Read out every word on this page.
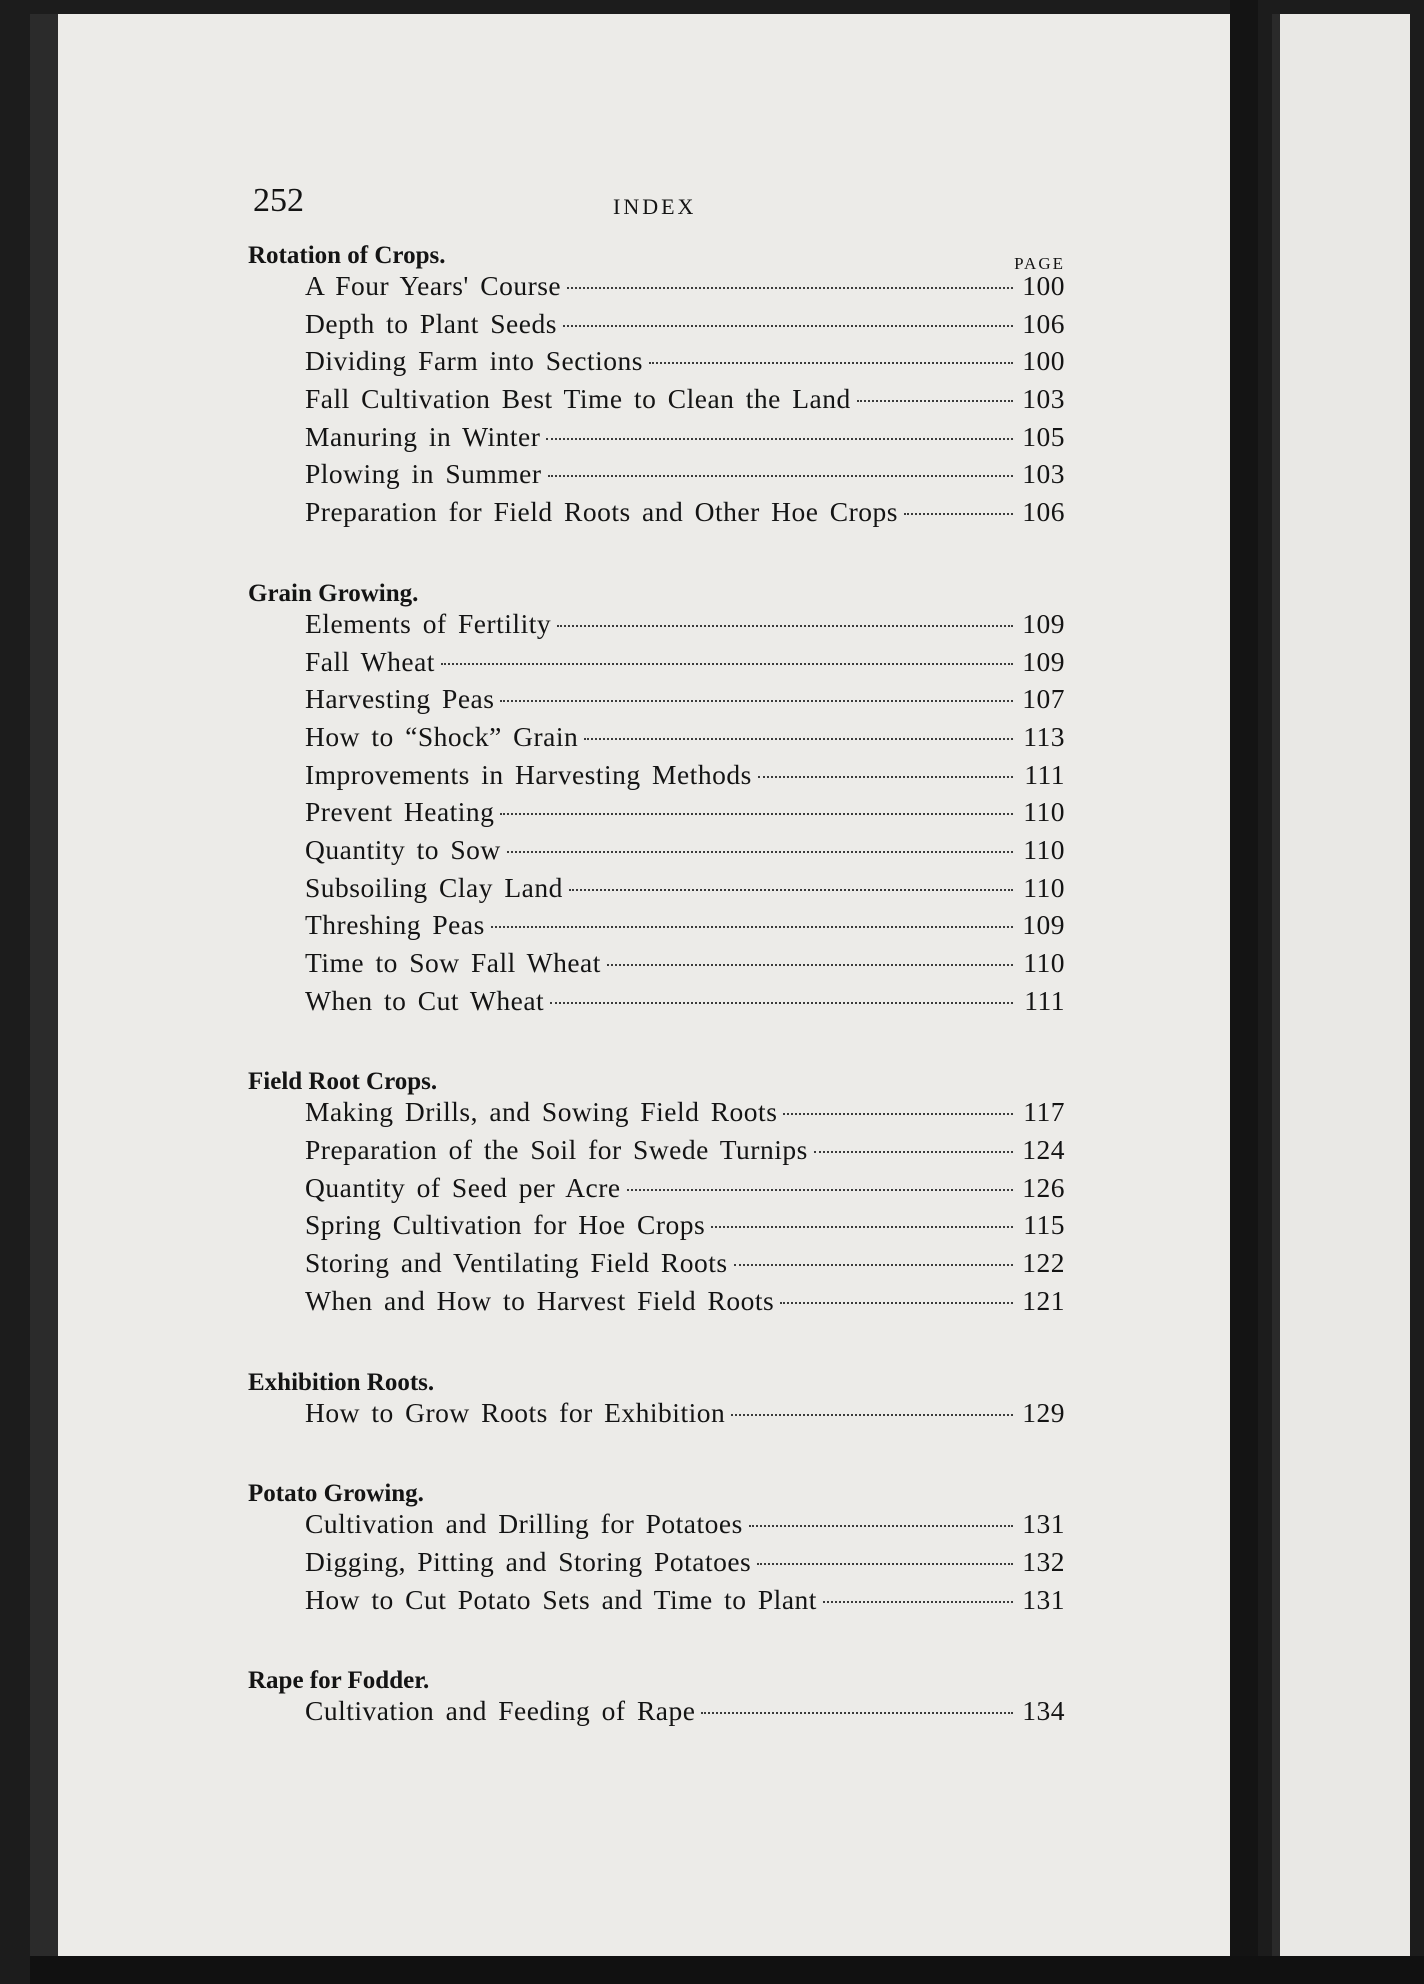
252	INDEX
Rotation of Crops.	PAGE
A Four Years' Course	100
Depth to Plant Seeds	106
Dividing Farm into Sections	100
Fall Cultivation Best Time to Clean the Land	103
Manuring in Winter	105
Plowing in Summer	103
Preparation for Field Roots and Other Hoe Crops	106
Grain Growing.
Elements of Fertility	109
Fall Wheat	109
Harvesting Peas	107
How to “Shock” Grain	113
Improvements in Harvesting Methods	111
Prevent Heating	110
Quantity to Sow	110
Subsoiling Clay Land	110
Threshing Peas	109
Time to Sow Fall Wheat	110
When to Cut Wheat	111
Field Root Crops.
Making Drills, and Sowing Field Roots	117
Preparation of the Soil for Swede Turnips	124
Quantity of Seed per Acre	126
Spring Cultivation for Hoe Crops	115
Storing and Ventilating Field Roots	122
When and How to Harvest Field Roots	121
Exhibition Roots.
How to Grow Roots for Exhibition	129
Potato Growing.
Cultivation and Drilling for Potatoes	131
Digging, Pitting and Storing Potatoes	132
How to Cut Potato Sets and Time to Plant	131
Rape for Fodder.
Cultivation and Feeding of Rape	134
